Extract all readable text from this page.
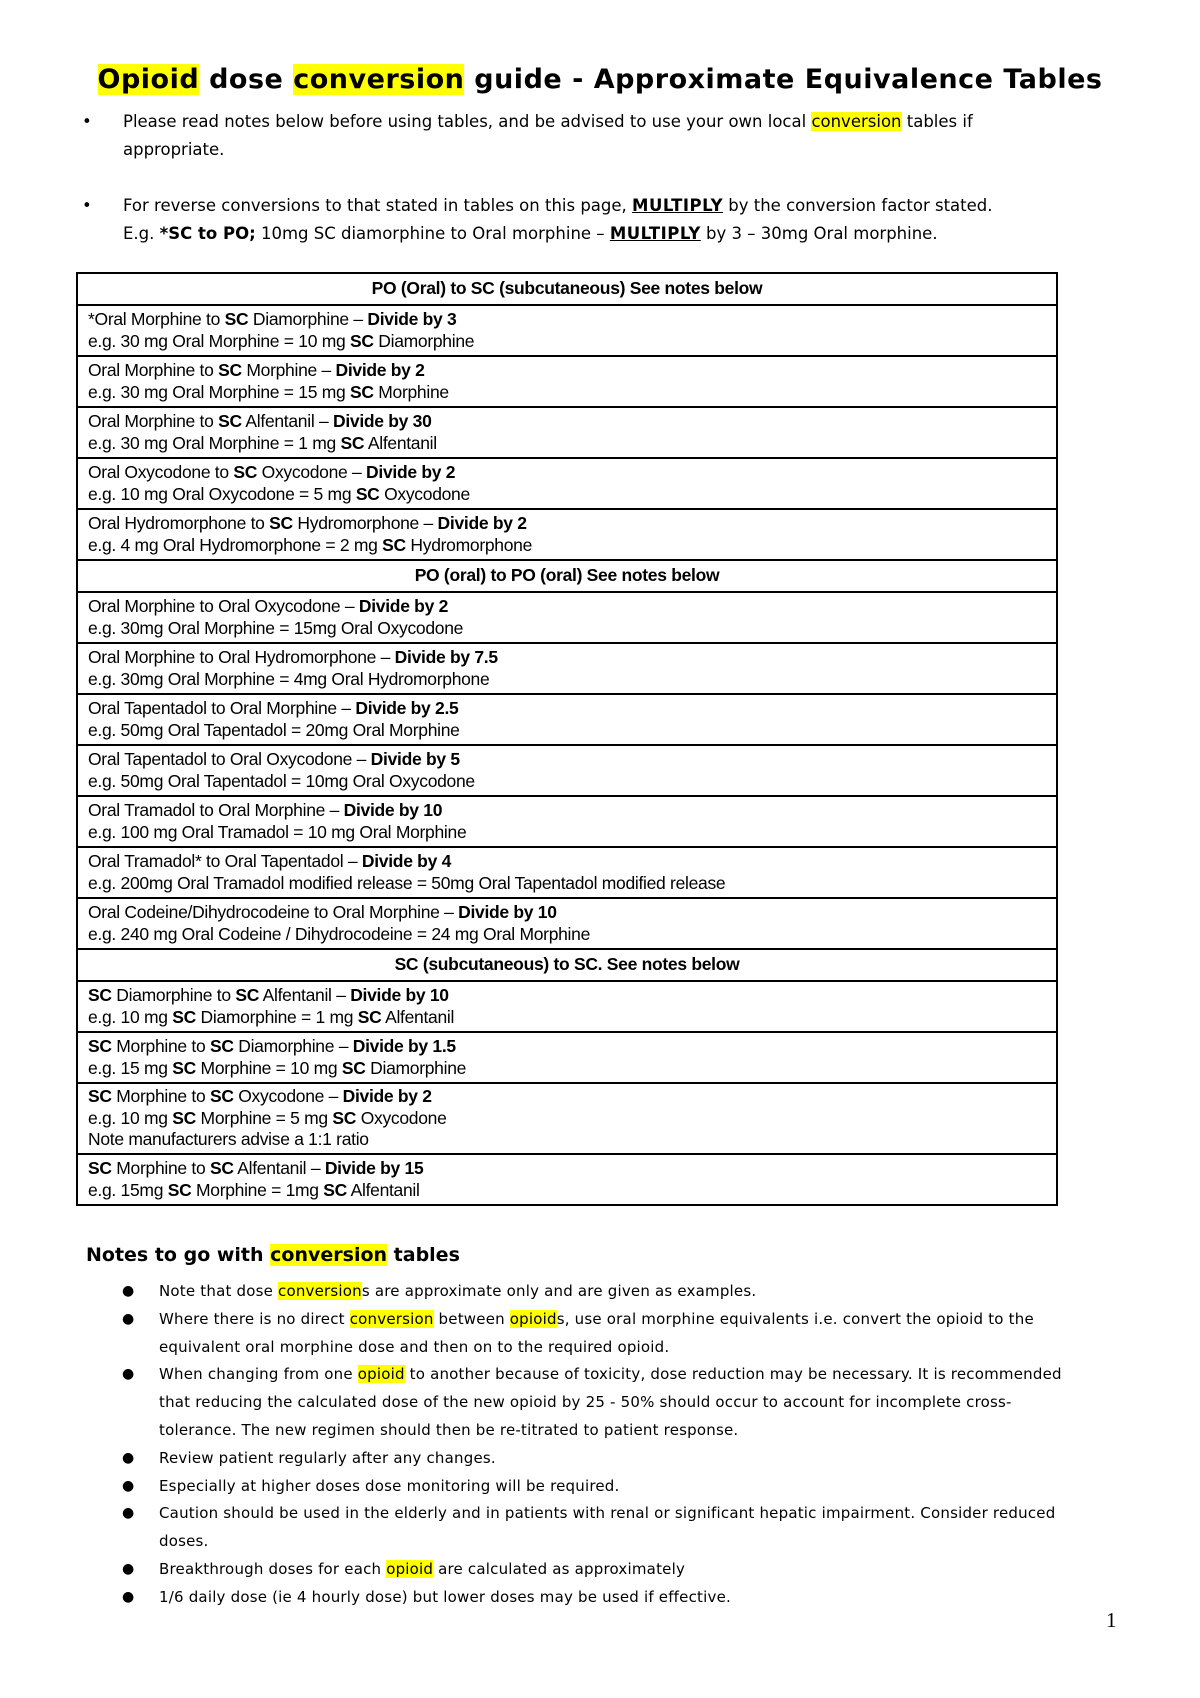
Opioid dose conversion guide - Approximate Equivalence Tables
• Please read notes below before using tables, and be advised to use your own local conversion tables if
appropriate.
• For reverse conversions to that stated in tables on this page, MULTIPLY by the conversion factor stated.
E.g. *SC to PO; 10mg SC diamorphine to Oral morphine – MULTIPLY by 3 – 30mg Oral morphine.
PO (Oral) to SC (subcutaneous) See notes below

*Oral Morphine to SC Diamorphine – Divide by 3
e.g. 30 mg Oral Morphine = 10 mg SC Diamorphine

Oral Morphine to SC Morphine – Divide by 2
e.g. 30 mg Oral Morphine = 15 mg SC Morphine

Oral Morphine to SC Alfentanil – Divide by 30
e.g. 30 mg Oral Morphine = 1 mg SC Alfentanil

Oral Oxycodone to SC Oxycodone – Divide by 2
e.g. 10 mg Oral Oxycodone = 5 mg SC Oxycodone

Oral Hydromorphone to SC Hydromorphone – Divide by 2
e.g. 4 mg Oral Hydromorphone = 2 mg SC Hydromorphone

PO (oral) to PO (oral) See notes below

Oral Morphine to Oral Oxycodone – Divide by 2
e.g. 30mg Oral Morphine = 15mg Oral Oxycodone

Oral Morphine to Oral Hydromorphone – Divide by 7.5
e.g. 30mg Oral Morphine = 4mg Oral Hydromorphone

Oral Tapentadol to Oral Morphine – Divide by 2.5
e.g. 50mg Oral Tapentadol = 20mg Oral Morphine

Oral Tapentadol to Oral Oxycodone – Divide by 5
e.g. 50mg Oral Tapentadol = 10mg Oral Oxycodone

Oral Tramadol to Oral Morphine – Divide by 10
e.g. 100 mg Oral Tramadol = 10 mg Oral Morphine

Oral Tramadol* to Oral Tapentadol – Divide by 4
e.g. 200mg Oral Tramadol modified release = 50mg Oral Tapentadol modified release

Oral Codeine/Dihydrocodeine to Oral Morphine – Divide by 10
e.g. 240 mg Oral Codeine / Dihydrocodeine = 24 mg Oral Morphine

SC (subcutaneous) to SC. See notes below

SC Diamorphine to SC Alfentanil – Divide by 10
e.g. 10 mg SC Diamorphine = 1 mg SC Alfentanil

SC Morphine to SC Diamorphine – Divide by 1.5
e.g. 15 mg SC Morphine = 10 mg SC Diamorphine

SC Morphine to SC Oxycodone – Divide by 2
e.g. 10 mg SC Morphine = 5 mg SC Oxycodone
Note manufacturers advise a 1:1 ratio

SC Morphine to SC Alfentanil – Divide by 15
e.g. 15mg SC Morphine = 1mg SC Alfentanil
Notes to go with conversion tables
● Note that dose conversions are approximate only and are given as examples.
● Where there is no direct conversion between opioids, use oral morphine equivalents i.e. convert the opioid to the
equivalent oral morphine dose and then on to the required opioid.
● When changing from one opioid to another because of toxicity, dose reduction may be necessary. It is recommended
that reducing the calculated dose of the new opioid by 25 - 50% should occur to account for incomplete cross-
tolerance. The new regimen should then be re-titrated to patient response.
● Review patient regularly after any changes.
● Especially at higher doses dose monitoring will be required.
● Caution should be used in the elderly and in patients with renal or significant hepatic impairment. Consider reduced
doses.
● Breakthrough doses for each opioid are calculated as approximately
● 1/6 daily dose (ie 4 hourly dose) but lower doses may be used if effective.
1
